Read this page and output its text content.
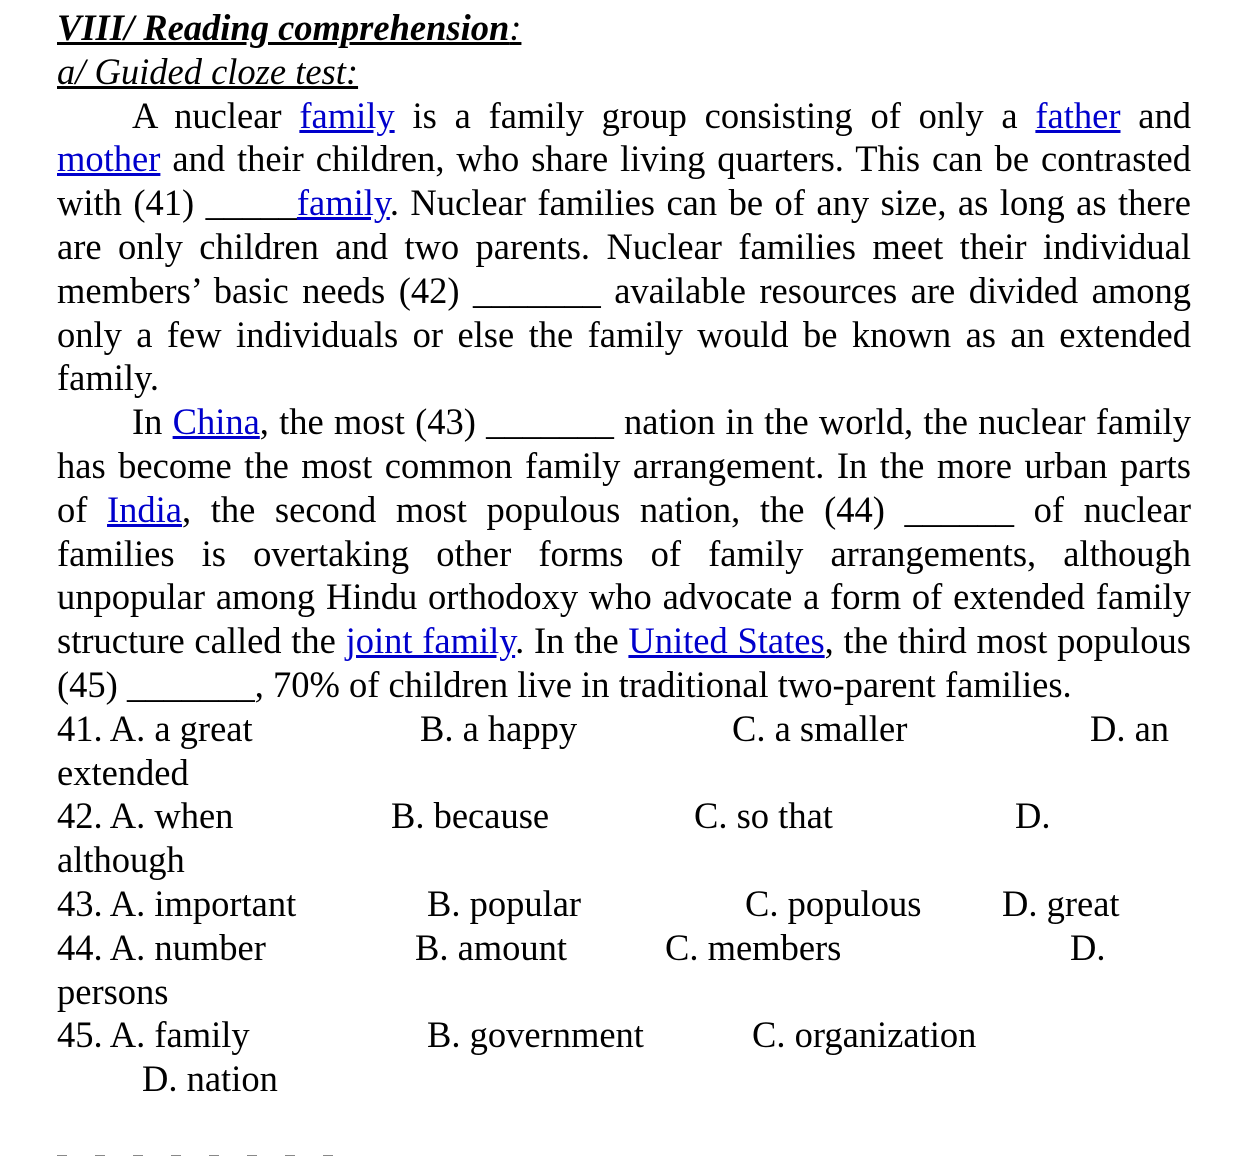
VIII/ Reading comprehension:
a/ Guided cloze test:

A nuclear family is a family group consisting of only a father and mother and their children, who share living quarters. This can be contrasted with (41) _____family. Nuclear families can be of any size, as long as there are only children and two parents. Nuclear families meet their individual members’ basic needs (42) _______ available resources are divided among only a few individuals or else the family would be known as an extended family.

In China, the most (43) _______ nation in the world, the nuclear family has become the most common family arrangement. In the more urban parts of India, the second most populous nation, the (44) ______ of nuclear families is overtaking other forms of family arrangements, although unpopular among Hindu orthodoxy who advocate a form of extended family structure called the joint family. In the United States, the third most populous (45) _______, 70% of children live in traditional two-parent families.

41. A. a great	B. a happy	C. a smaller	D. an
extended
42. A. when	B. because	C. so that	D.
although
43. A. important	B. popular	C. populous D. great
44. A. number	B. amount	C. members	D.
persons
45. A. family	B. government	C. organization
D. nation
